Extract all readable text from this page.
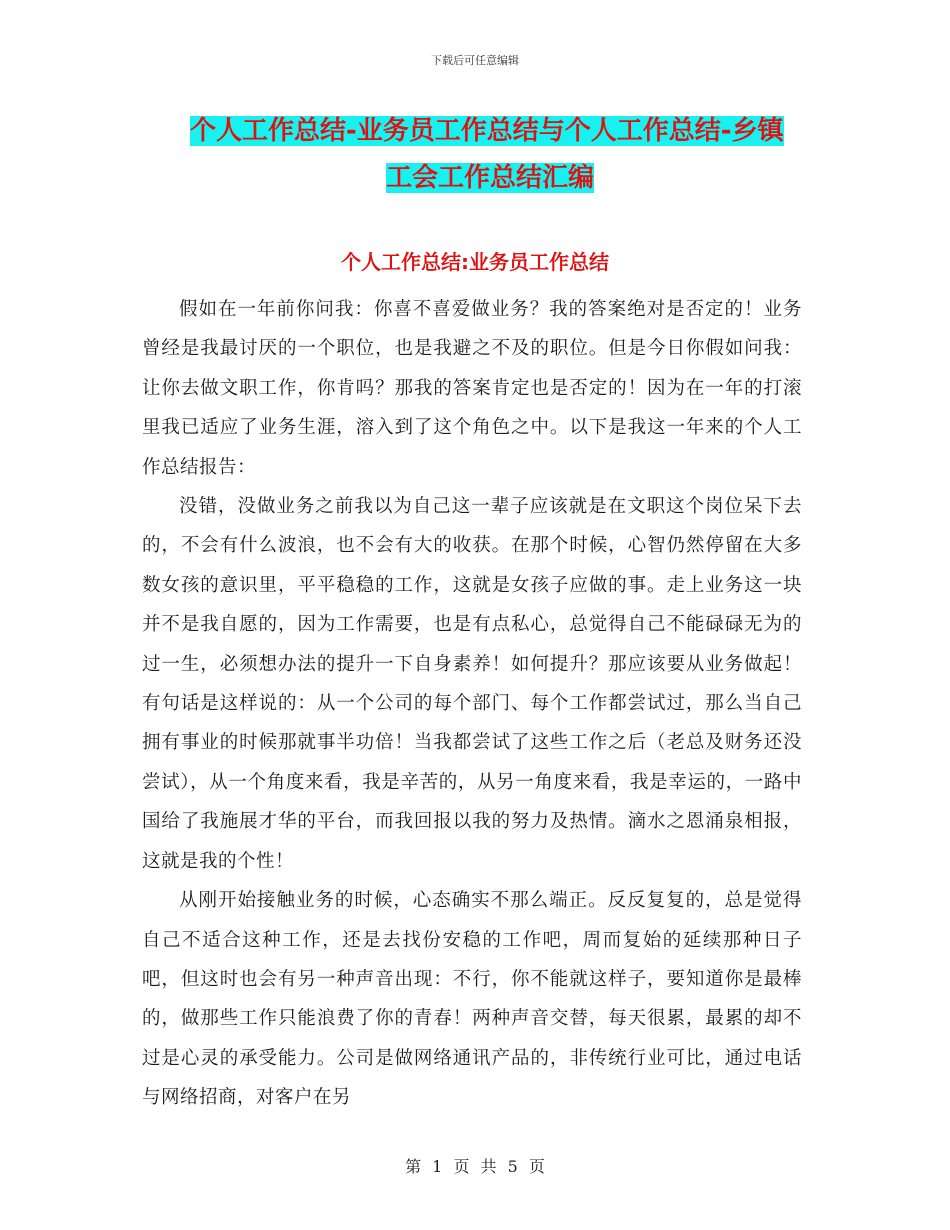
下载后可任意编辑
个人工作总结-业务员工作总结与个人工作总结-乡镇
工会工作总结汇编
个人工作总结:业务员工作总结

假如在一年前你问我：你喜不喜爱做业务？我的答案绝对是否定的！业务曾经是我最讨厌的一个职位，也是我避之不及的职位。但是今日你假如问我：让你去做文职工作，你肯吗？那我的答案肯定也是否定的！因为在一年的打滚里我已适应了业务生涯，溶入到了这个角色之中。以下是我这一年来的个人工作总结报告：

没错，没做业务之前我以为自己这一辈子应该就是在文职这个岗位呆下去的，不会有什么波浪，也不会有大的收获。在那个时候，心智仍然停留在大多数女孩的意识里，平平稳稳的工作，这就是女孩子应做的事。走上业务这一块并不是我自愿的，因为工作需要，也是有点私心，总觉得自己不能碌碌无为的过一生，必须想办法的提升一下自身素养！如何提升？那应该要从业务做起！有句话是这样说的：从一个公司的每个部门、每个工作都尝试过，那么当自己拥有事业的时候那就事半功倍！当我都尝试了这些工作之后（老总及财务还没尝试），从一个角度来看，我是辛苦的，从另一角度来看，我是幸运的，一路中国给了我施展才华的平台，而我回报以我的努力及热情。滴水之恩涌泉相报，这就是我的个性！

从刚开始接触业务的时候，心态确实不那么端正。反反复复的，总是觉得自己不适合这种工作，还是去找份安稳的工作吧，周而复始的延续那种日子吧，但这时也会有另一种声音出现：不行，你不能就这样子，要知道你是最棒的，做那些工作只能浪费了你的青春！两种声音交替，每天很累，最累的却不过是心灵的承受能力。公司是做网络通讯产品的，非传统行业可比，通过电话与网络招商，对客户在另

第 1 页 共 5 页
